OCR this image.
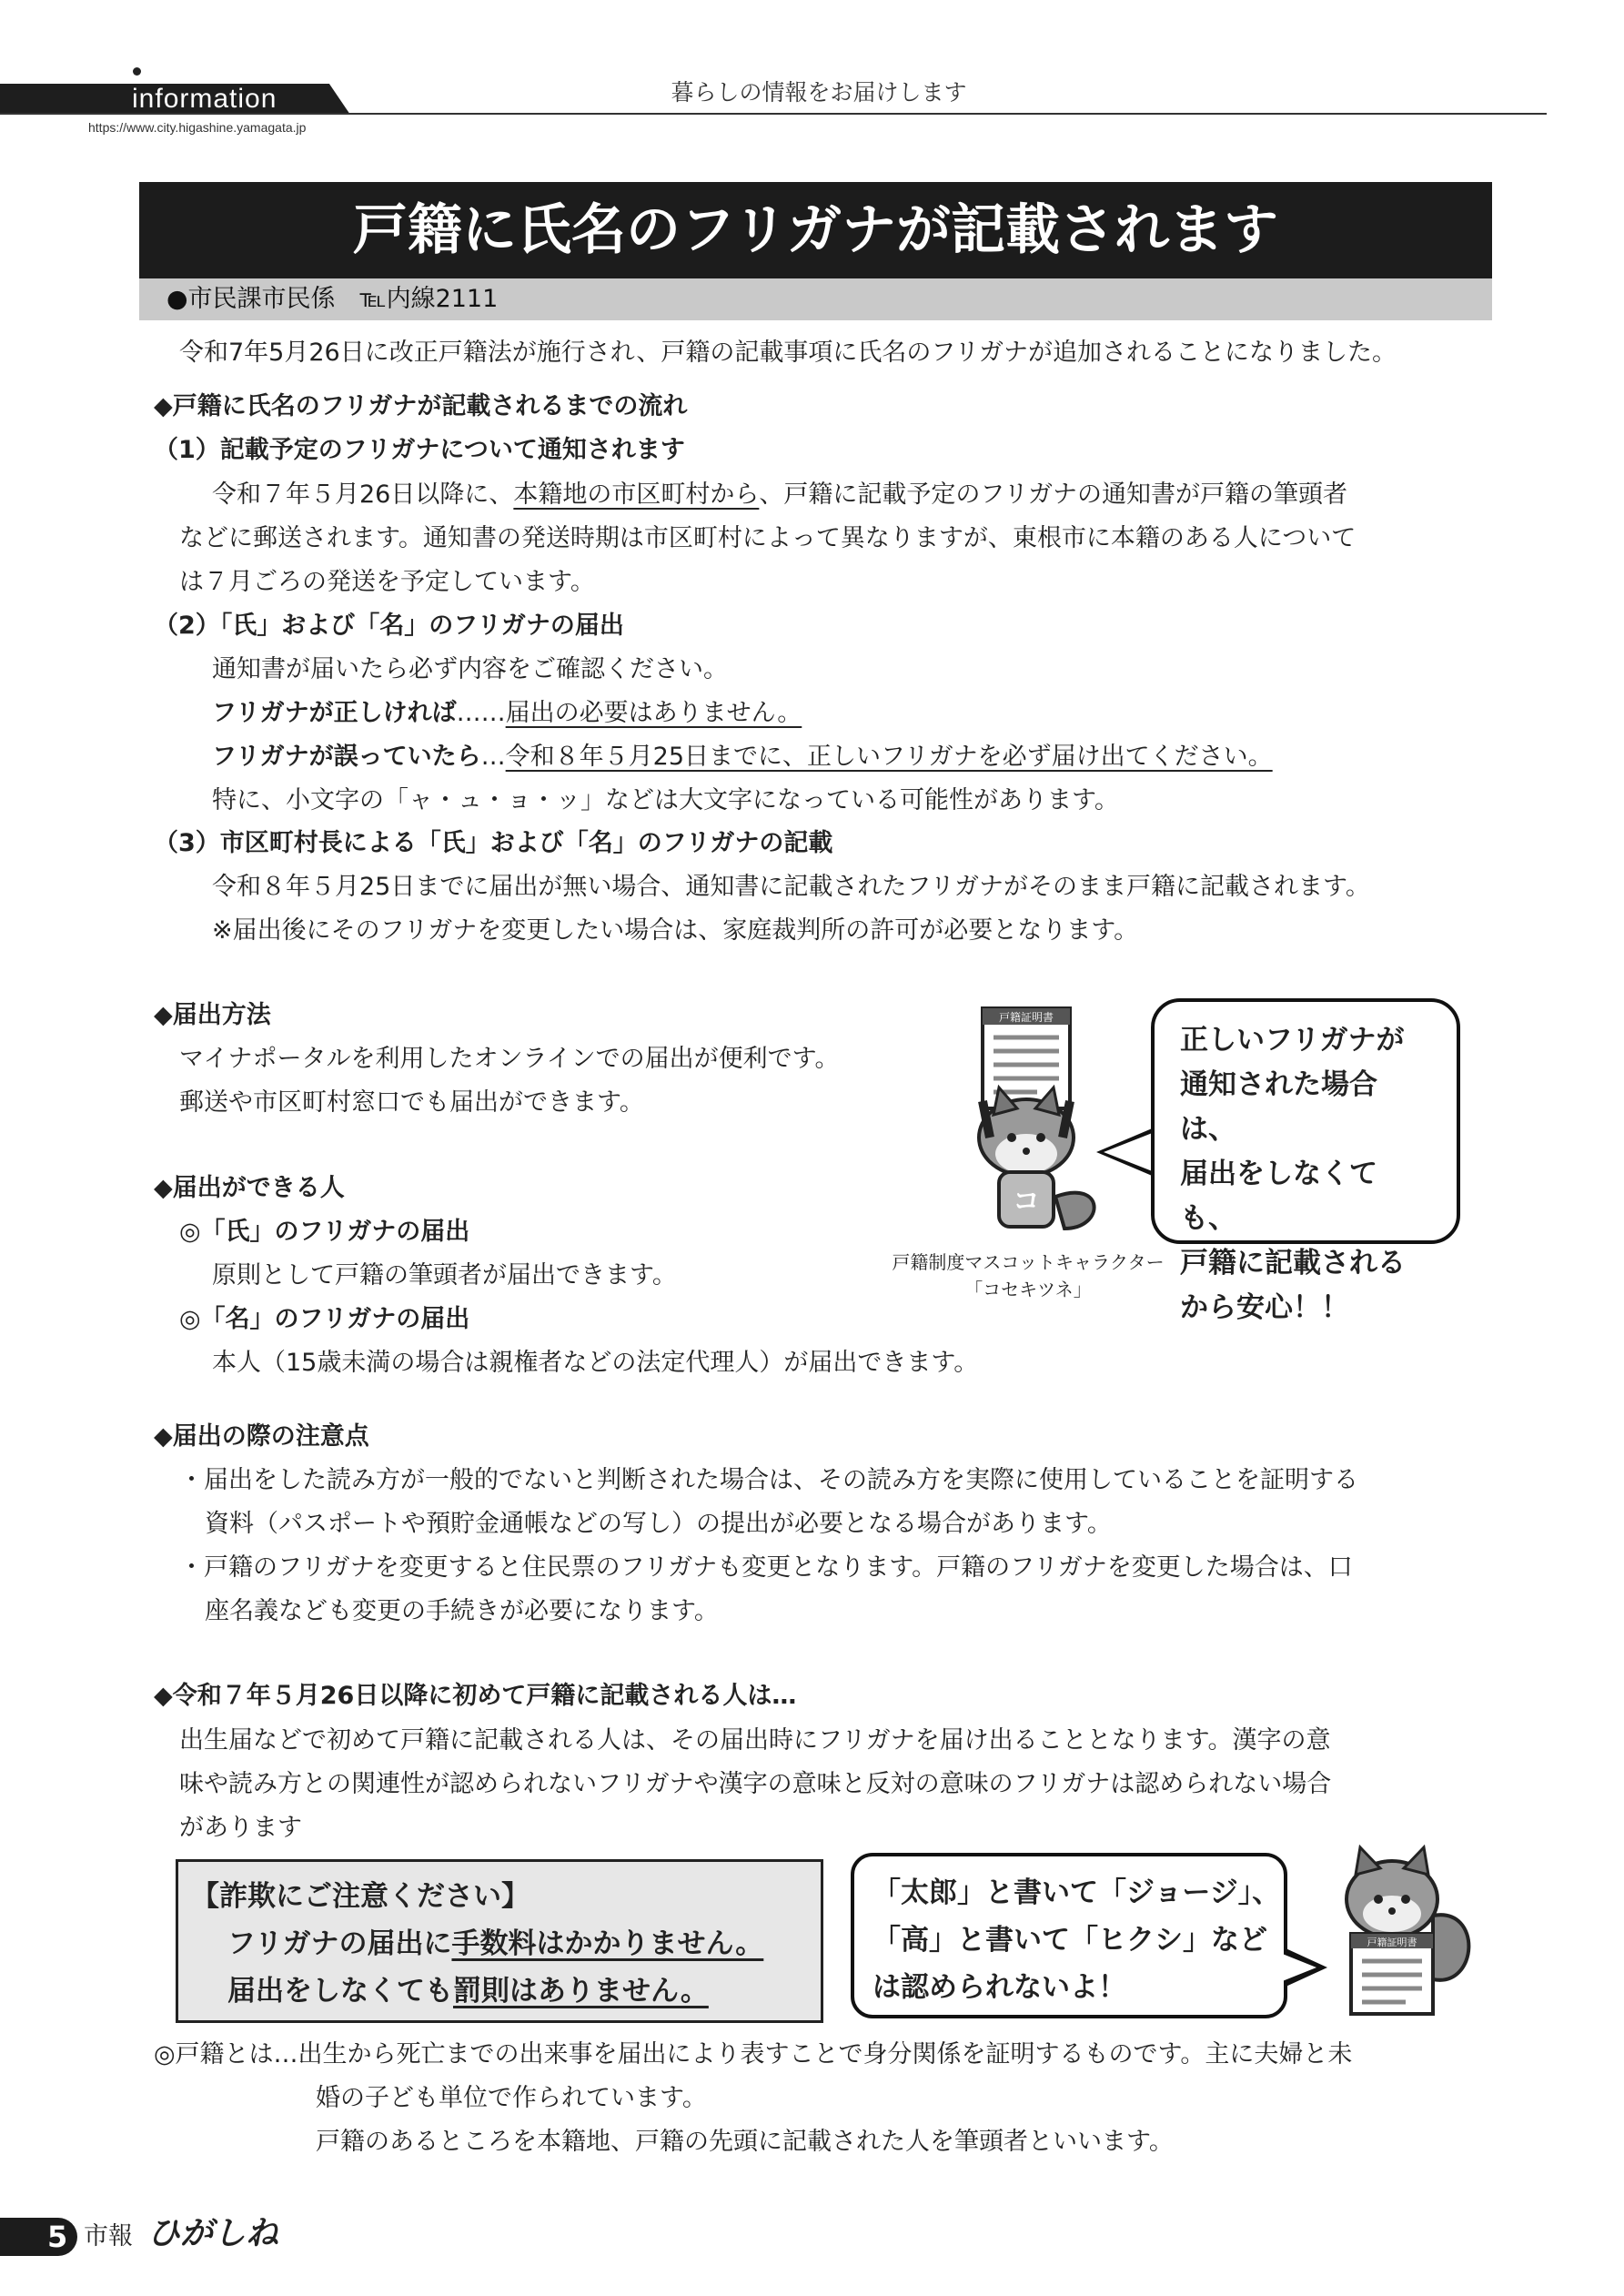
information
https://www.city.higashine.yamagata.jp
暮らしの情報をお届けします
戸籍に氏名のフリガナが記載されます
●市民課市民係　℡内線2111
令和7年5月26日に改正戸籍法が施行され、戸籍の記載事項に氏名のフリガナが追加されることになりました。
◆戸籍に氏名のフリガナが記載されるまでの流れ
（1）記載予定のフリガナについて通知されます
令和７年５月26日以降に、本籍地の市区町村から、戸籍に記載予定のフリガナの通知書が戸籍の筆頭者
などに郵送されます。通知書の発送時期は市区町村によって異なりますが、東根市に本籍のある人について
は７月ごろの発送を予定しています。
（2）「氏」および「名」のフリガナの届出
通知書が届いたら必ず内容をご確認ください。
フリガナが正しければ……届出の必要はありません。
フリガナが誤っていたら…令和８年５月25日までに、正しいフリガナを必ず届け出てください。
特に、小文字の「ャ・ュ・ョ・ッ」などは大文字になっている可能性があります。
（3）市区町村長による「氏」および「名」のフリガナの記載
令和８年５月25日までに届出が無い場合、通知書に記載されたフリガナがそのまま戸籍に記載されます。
※届出後にそのフリガナを変更したい場合は、家庭裁判所の許可が必要となります。
◆届出方法
マイナポータルを利用したオンラインでの届出が便利です。
郵送や市区町村窓口でも届出ができます。
◆届出ができる人
◎「氏」のフリガナの届出
原則として戸籍の筆頭者が届出できます。
◎「名」のフリガナの届出
本人（15歳未満の場合は親権者などの法定代理人）が届出できます。
戸籍証明書
コ
正しいフリガナが
通知された場合は、
届出をしなくても、
戸籍に記載される
から安心！！
戸籍制度マスコットキャラクター
「コセキツネ」
◆届出の際の注意点
・届出をした読み方が一般的でないと判断された場合は、その読み方を実際に使用していることを証明する
資料（パスポートや預貯金通帳などの写し）の提出が必要となる場合があります。
・戸籍のフリガナを変更すると住民票のフリガナも変更となります。戸籍のフリガナを変更した場合は、口
座名義なども変更の手続きが必要になります。
◆令和７年５月26日以降に初めて戸籍に記載される人は…
出生届などで初めて戸籍に記載される人は、その届出時にフリガナを届け出ることとなります。漢字の意
味や読み方との関連性が認められないフリガナや漢字の意味と反対の意味のフリガナは認められない場合
があります
【詐欺にご注意ください】
フリガナの届出に手数料はかかりません。
届出をしなくても罰則はありません。
「太郎」と書いて「ジョージ」、
「高」と書いて「ヒクシ」など
は認められないよ！
戸籍証明書
◎戸籍とは…出生から死亡までの出来事を届出により表すことで身分関係を証明するものです。主に夫婦と未
婚の子ども単位で作られています。
戸籍のあるところを本籍地、戸籍の先頭に記載された人を筆頭者といいます。
5 市報 ひがしね
